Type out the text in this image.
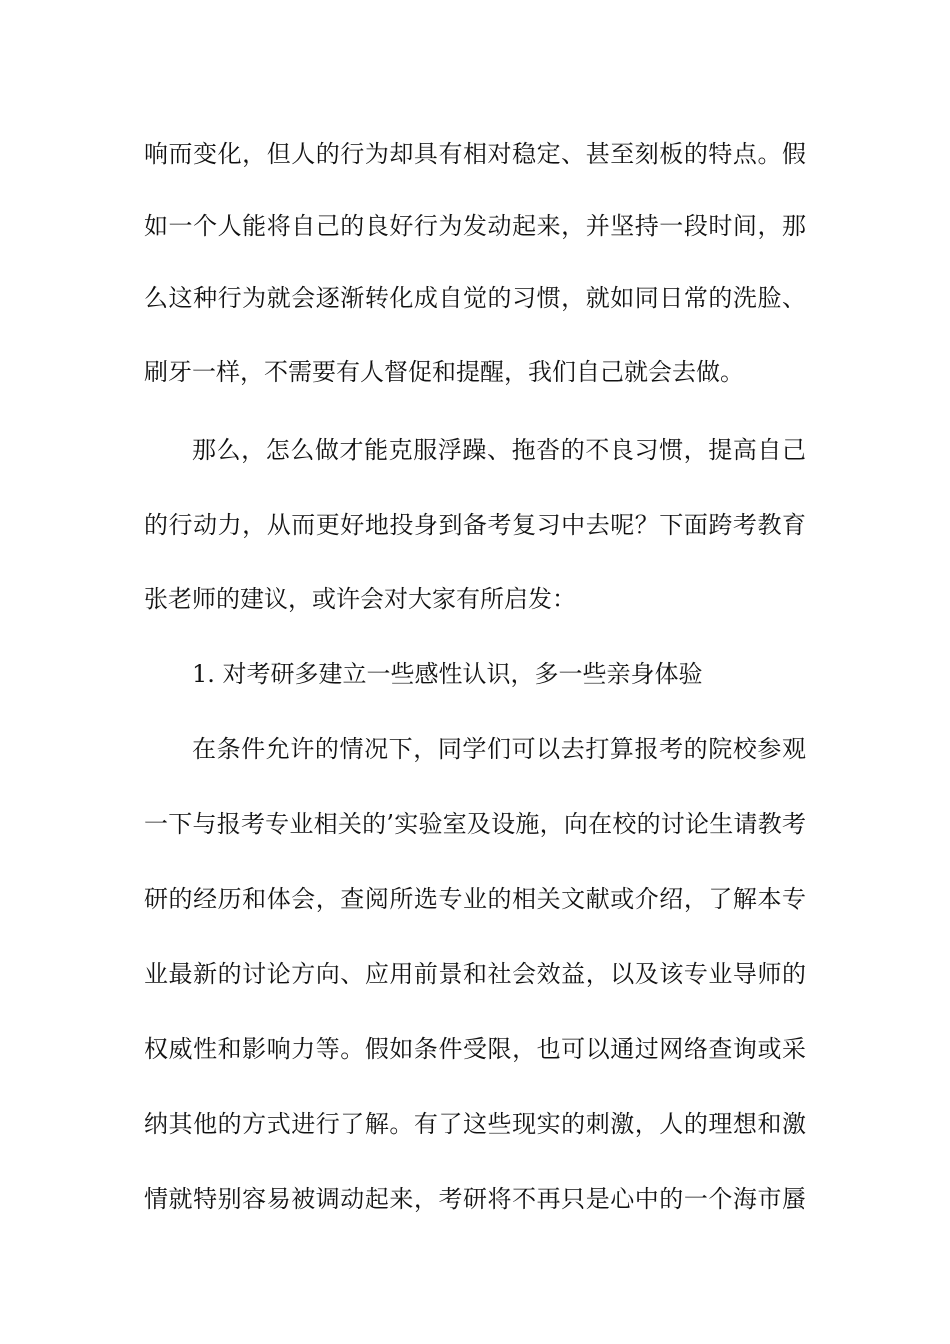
响而变化，但人的行为却具有相对稳定、甚至刻板的特点。假
如一个人能将自己的良好行为发动起来，并坚持一段时间，那
么这种行为就会逐渐转化成自觉的习惯，就如同日常的洗脸、
刷牙一样，不需要有人督促和提醒，我们自己就会去做。
那么，怎么做才能克服浮躁、拖沓的不良习惯，提高自己
的行动力，从而更好地投身到备考复习中去呢？下面跨考教育
张老师的建议，或许会对大家有所启发：
1. 对考研多建立一些感性认识，多一些亲身体验
在条件允许的情况下，同学们可以去打算报考的院校参观
一下与报考专业相关的’实验室及设施，向在校的讨论生请教考
研的经历和体会，查阅所选专业的相关文献或介绍，了解本专
业最新的讨论方向、应用前景和社会效益，以及该专业导师的
权威性和影响力等。假如条件受限，也可以通过网络查询或采
纳其他的方式进行了解。有了这些现实的刺激，人的理想和激
情就特别容易被调动起来，考研将不再只是心中的一个海市蜃
